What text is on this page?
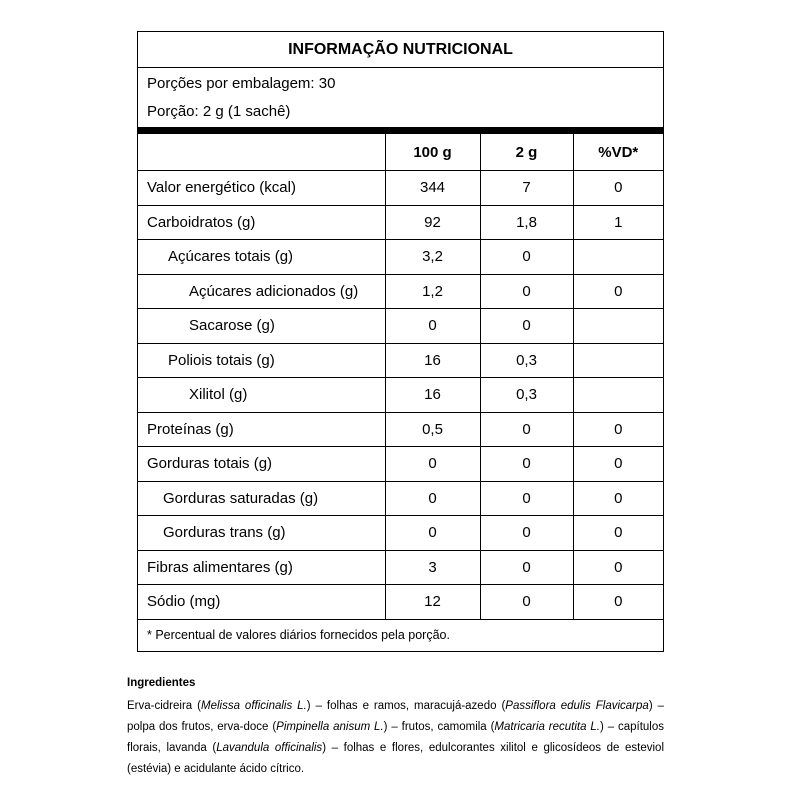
INFORMAÇÃO NUTRICIONAL
Porções por embalagem: 30
Porção: 2 g (1 sachê)
	100 g	2 g	%VD*
Valor energético (kcal)	344	7	0
Carboidratos (g)	92	1,8	1
Açúcares totais (g)	3,2	0	
Açúcares adicionados (g)	1,2	0	0
Sacarose (g)	0	0	
Poliois totais (g)	16	0,3	
Xilitol (g)	16	0,3	
Proteínas (g)	0,5	0	0
Gorduras totais (g)	0	0	0
Gorduras saturadas (g)	0	0	0
Gorduras trans (g)	0	0	0
Fibras alimentares (g)	3	0	0
Sódio (mg)	12	0	0
* Percentual de valores diários fornecidos pela porção.
Ingredientes
Erva-cidreira (Melissa officinalis L.) – folhas e ramos, maracujá-azedo (Passiflora edulis Flavicarpa) – polpa dos frutos, erva-doce (Pimpinella anisum L.) – frutos, camomila (Matricaria recutita L.) – capítulos florais, lavanda (Lavandula officinalis) – folhas e flores, edulcorantes xilitol e glicosídeos de esteviol (estévia) e acidulante ácido cítrico.
